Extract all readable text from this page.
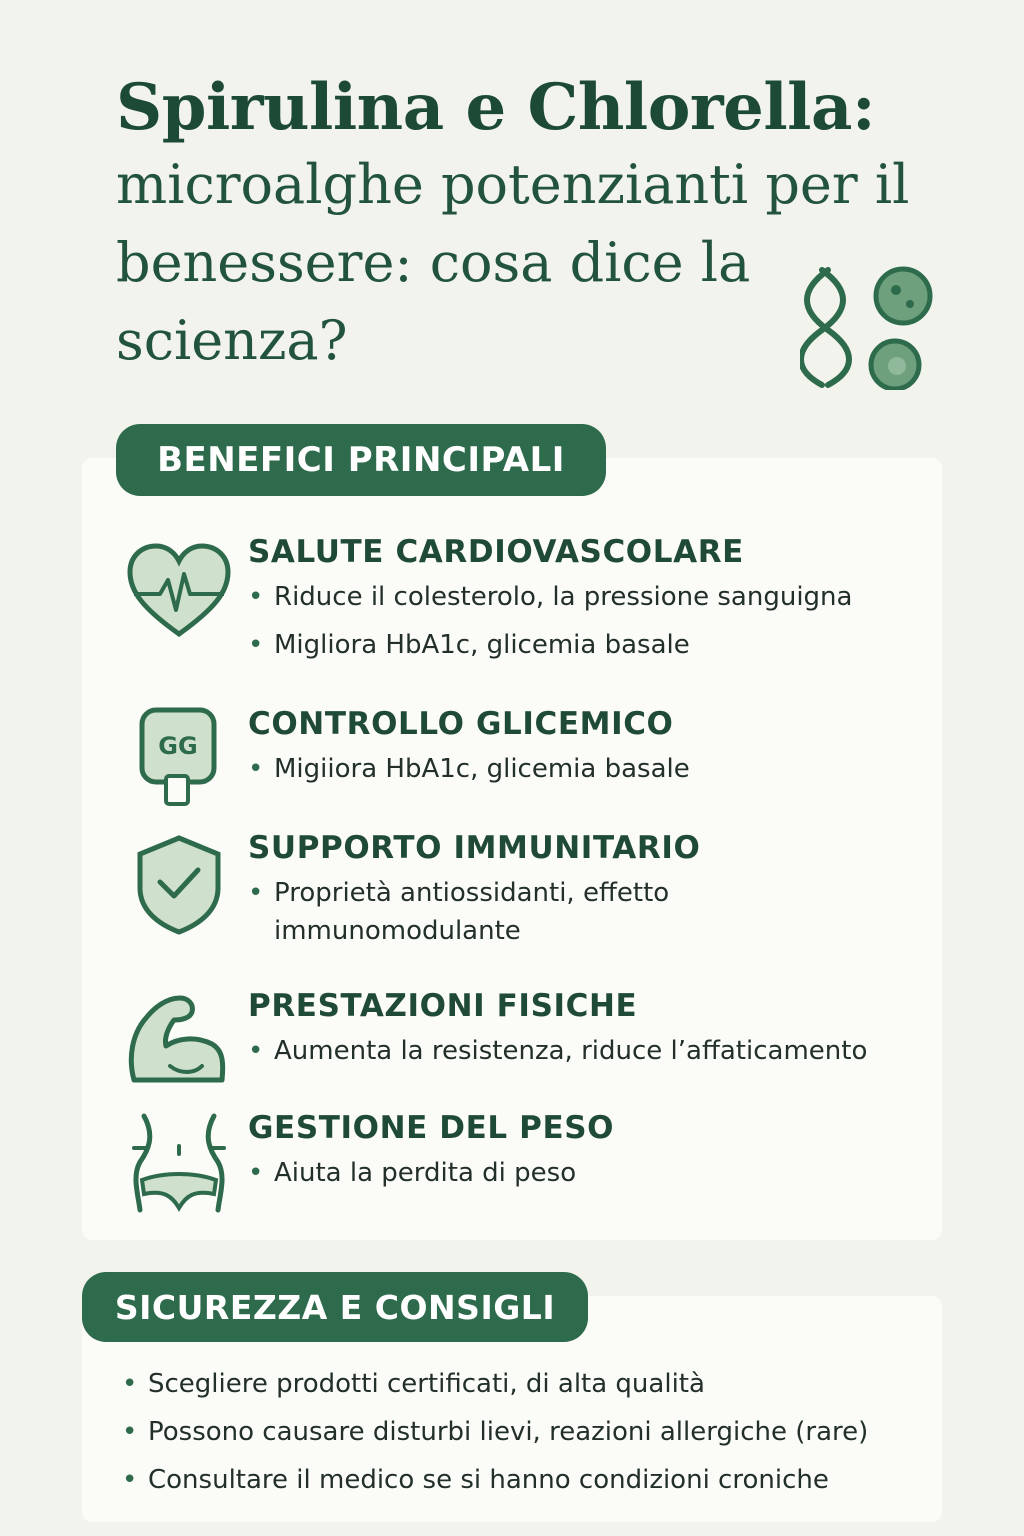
Spirulina e Chlorella:
microalghe potenzianti per il benessere: cosa dice la scienza?
BENEFICI PRINCIPALI
SALUTE CARDIOVASCOLARE
• Riduce il colesterolo, la pressione sanguigna
• Migliora HbA1c, glicemia basale
GG
CONTROLLO GLICEMICO
• Migiiora HbA1c, glicemia basale
SUPPORTO IMMUNITARIO
• Proprietà antiossidanti, effetto immunomodulante
PRESTAZIONI FISICHE
• Aumenta la resistenza, riduce l’affaticamento
GESTIONE DEL PESO
• Aiuta la perdita di peso
SICUREZZA E CONSIGLI
• Scegliere prodotti certificati, di alta qualità
• Possono causare disturbi lievi, reazioni allergiche (rare)
• Consultare il medico se si hanno condizioni croniche
